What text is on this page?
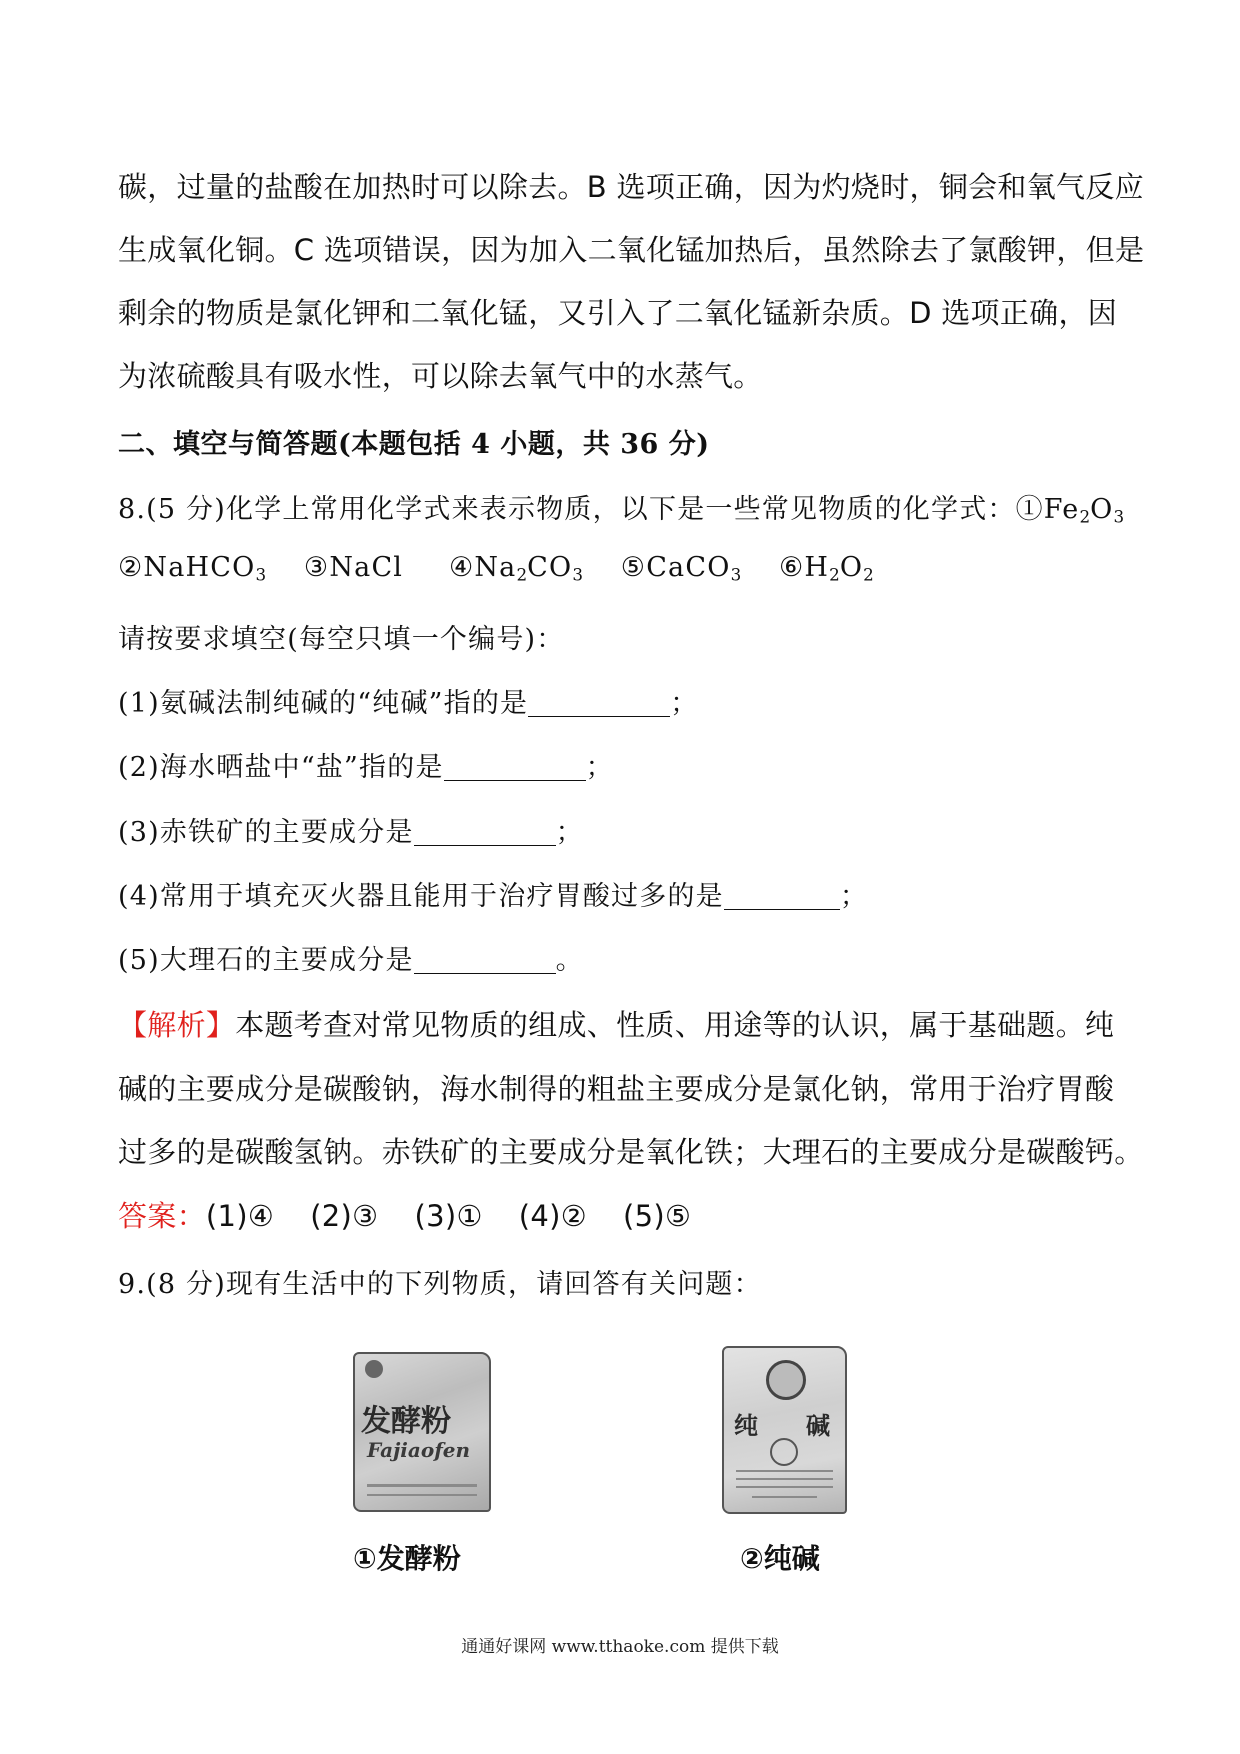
碳，过量的盐酸在加热时可以除去。B 选项正确，因为灼烧时，铜会和氧气反应
生成氧化铜。C 选项错误，因为加入二氧化锰加热后，虽然除去了氯酸钾，但是
剩余的物质是氯化钾和二氧化锰，又引入了二氧化锰新杂质。D 选项正确，因
为浓硫酸具有吸水性，可以除去氧气中的水蒸气。
二、填空与简答题(本题包括 4 小题，共 36 分)
8.(5 分)化学上常用化学式来表示物质，以下是一些常见物质的化学式：$①Fe_2O_3$
②NaHCO$_3$ ③NaCl $④Na_2CO_3$ ⑤CaCO$_3$ $⑥H_2O_2$
请按要求填空(每空只填一个编号)：
(1)氨碱法制纯碱的“纯碱”指的是	；
(2)海水晒盐中“盐”指的是	；
(3)赤铁矿的主要成分是	；
(4)常用于填充灭火器且能用于治疗胃酸过多的是	；
(5)大理石的主要成分是	。
【解析】本题考查对常见物质的组成、性质、用途等的认识，属于基础题。纯
碱的主要成分是碳酸钠，海水制得的粗盐主要成分是氯化钠，常用于治疗胃酸
过多的是碳酸氢钠。赤铁矿的主要成分是氧化铁；大理石的主要成分是碳酸钙。
答案：(1)④ (2)③ (3)① (4)② (5)⑤
9.(8 分)现有生活中的下列物质，请回答有关问题：
发酵粉
Fajiaofen
①发酵粉
纯 碱
②纯碱
通通好课网 www.tthaoke.com 提供下载
